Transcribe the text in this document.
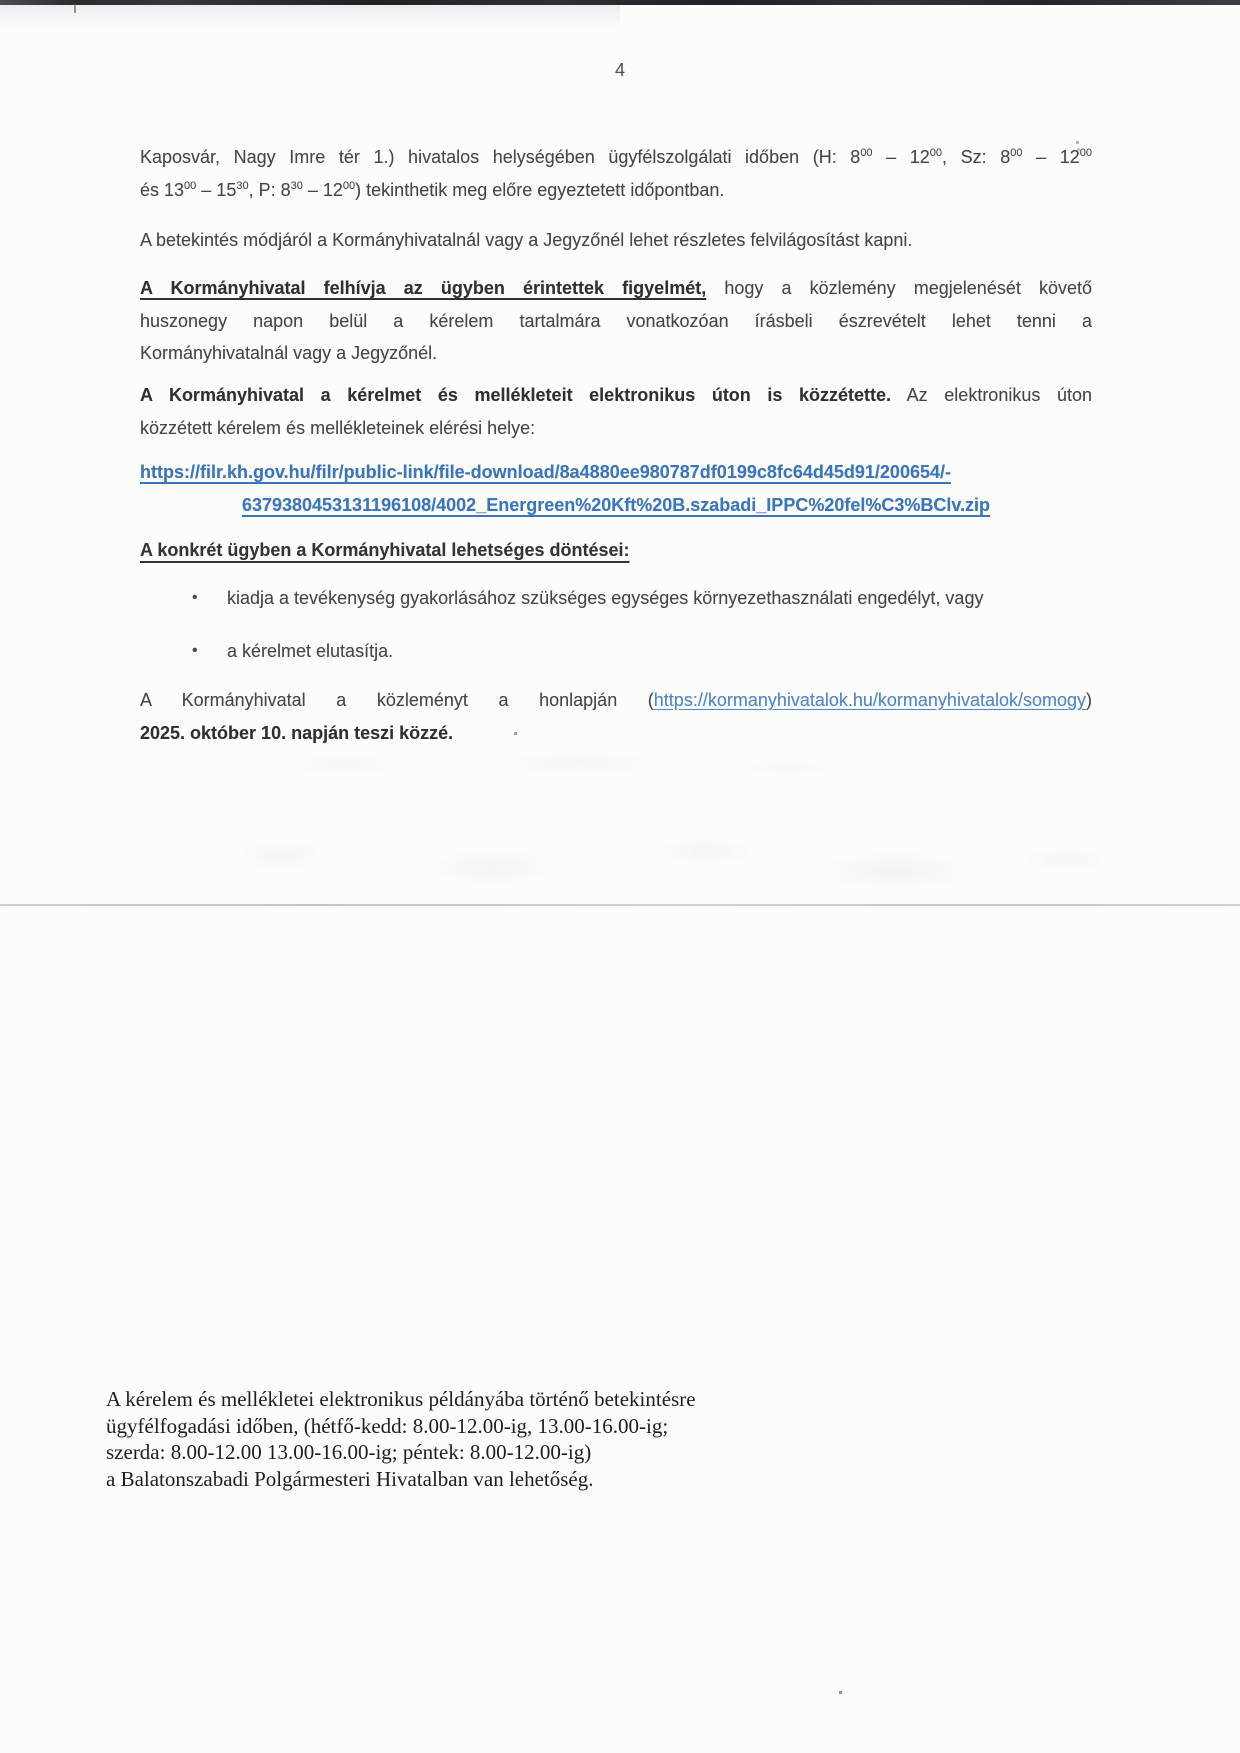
4
Kaposvár, Nagy Imre tér 1.) hivatalos helységében ügyfélszolgálati időben (H: $8^{00} - 12^{00}$, Sz: $8^{00} - 12^{00}$
és $13^{00} - 15^{30}$, P: $8^{30} - 12^{00}$) tekinthetik meg előre egyeztetett időpontban.
A betekintés módjáról a Kormányhivatalnál vagy a Jegyzőnél lehet részletes felvilágosítást kapni.
A Kormányhivatal felhívja az ügyben érintettek figyelmét, hogy a közlemény megjelenését követő
huszonegy napon belül a kérelem tartalmára vonatkozóan írásbeli észrevételt lehet tenni a
Kormányhivatalnál vagy a Jegyzőnél.
A Kormányhivatal a kérelmet és mellékleteit elektronikus úton is közzétette. Az elektronikus úton
közzétett kérelem és mellékleteinek elérési helye:
https://filr.kh.gov.hu/filr/public-link/file-download/8a4880ee980787df0199c8fc64d45d91/200654/-
6379380453131196108/4002_Energreen%20Kft%20B.szabadi_IPPC%20fel%C3%BClv.zip
A konkrét ügyben a Kormányhivatal lehetséges döntései:
•	kiadja a tevékenység gyakorlásához szükséges egységes környezethasználati engedélyt, vagy
•	a kérelmet elutasítja.
A Kormányhivatal a közleményt a honlapján (https://kormanyhivatalok.hu/kormanyhivatalok/somogy)
2025. október 10. napján teszi közzé.
A kérelem és mellékletei elektronikus példányába történő betekintésre
ügyfélfogadási időben, (hétfő-kedd: 8.00-12.00-ig, 13.00-16.00-ig;
szerda: 8.00-12.00 13.00-16.00-ig; péntek: 8.00-12.00-ig)
a Balatonszabadi Polgármesteri Hivatalban van lehetőség.
